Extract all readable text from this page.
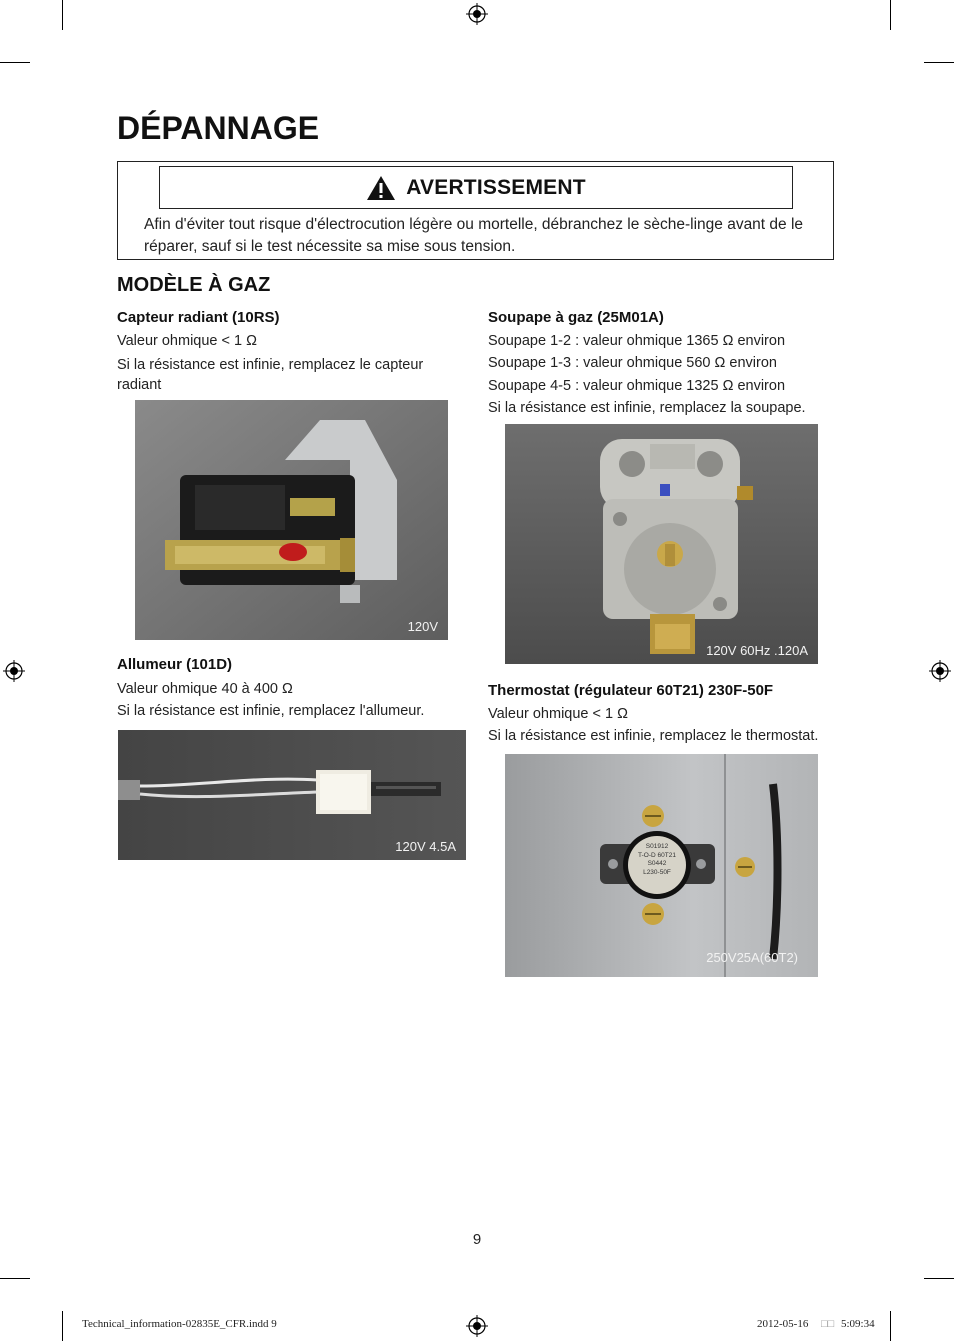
DÉPANNAGE
AVERTISSEMENT
Afin d'éviter tout risque d'électrocution légère ou mortelle, débranchez le sèche-linge avant de le réparer, sauf si le test nécessite sa mise sous tension.
MODÈLE À GAZ
Capteur radiant (10RS)
Valeur ohmique < 1 Ω
Si la résistance est infinie, remplacez le capteur radiant
120V
Allumeur (101D)
Valeur ohmique 40 à 400 Ω
Si la résistance est infinie, remplacez l'allumeur.
120V 4.5A
Soupape à gaz (25M01A)
Soupape 1-2 : valeur ohmique 1365 Ω environ
Soupape 1-3 : valeur ohmique 560 Ω environ
Soupape 4-5 : valeur ohmique 1325 Ω environ
Si la résistance est infinie, remplacez la soupape.
120V 60Hz .120A
Thermostat (régulateur 60T21) 230F-50F
Valeur ohmique < 1 Ω
Si la résistance est infinie, remplacez le thermostat.
S01912
T-O-D 60T21
S0442
L230-50F
250V25A(60T2)
9
Technical_information-02835E_CFR.indd 9	2012-05-16 □□ 5:09:34
